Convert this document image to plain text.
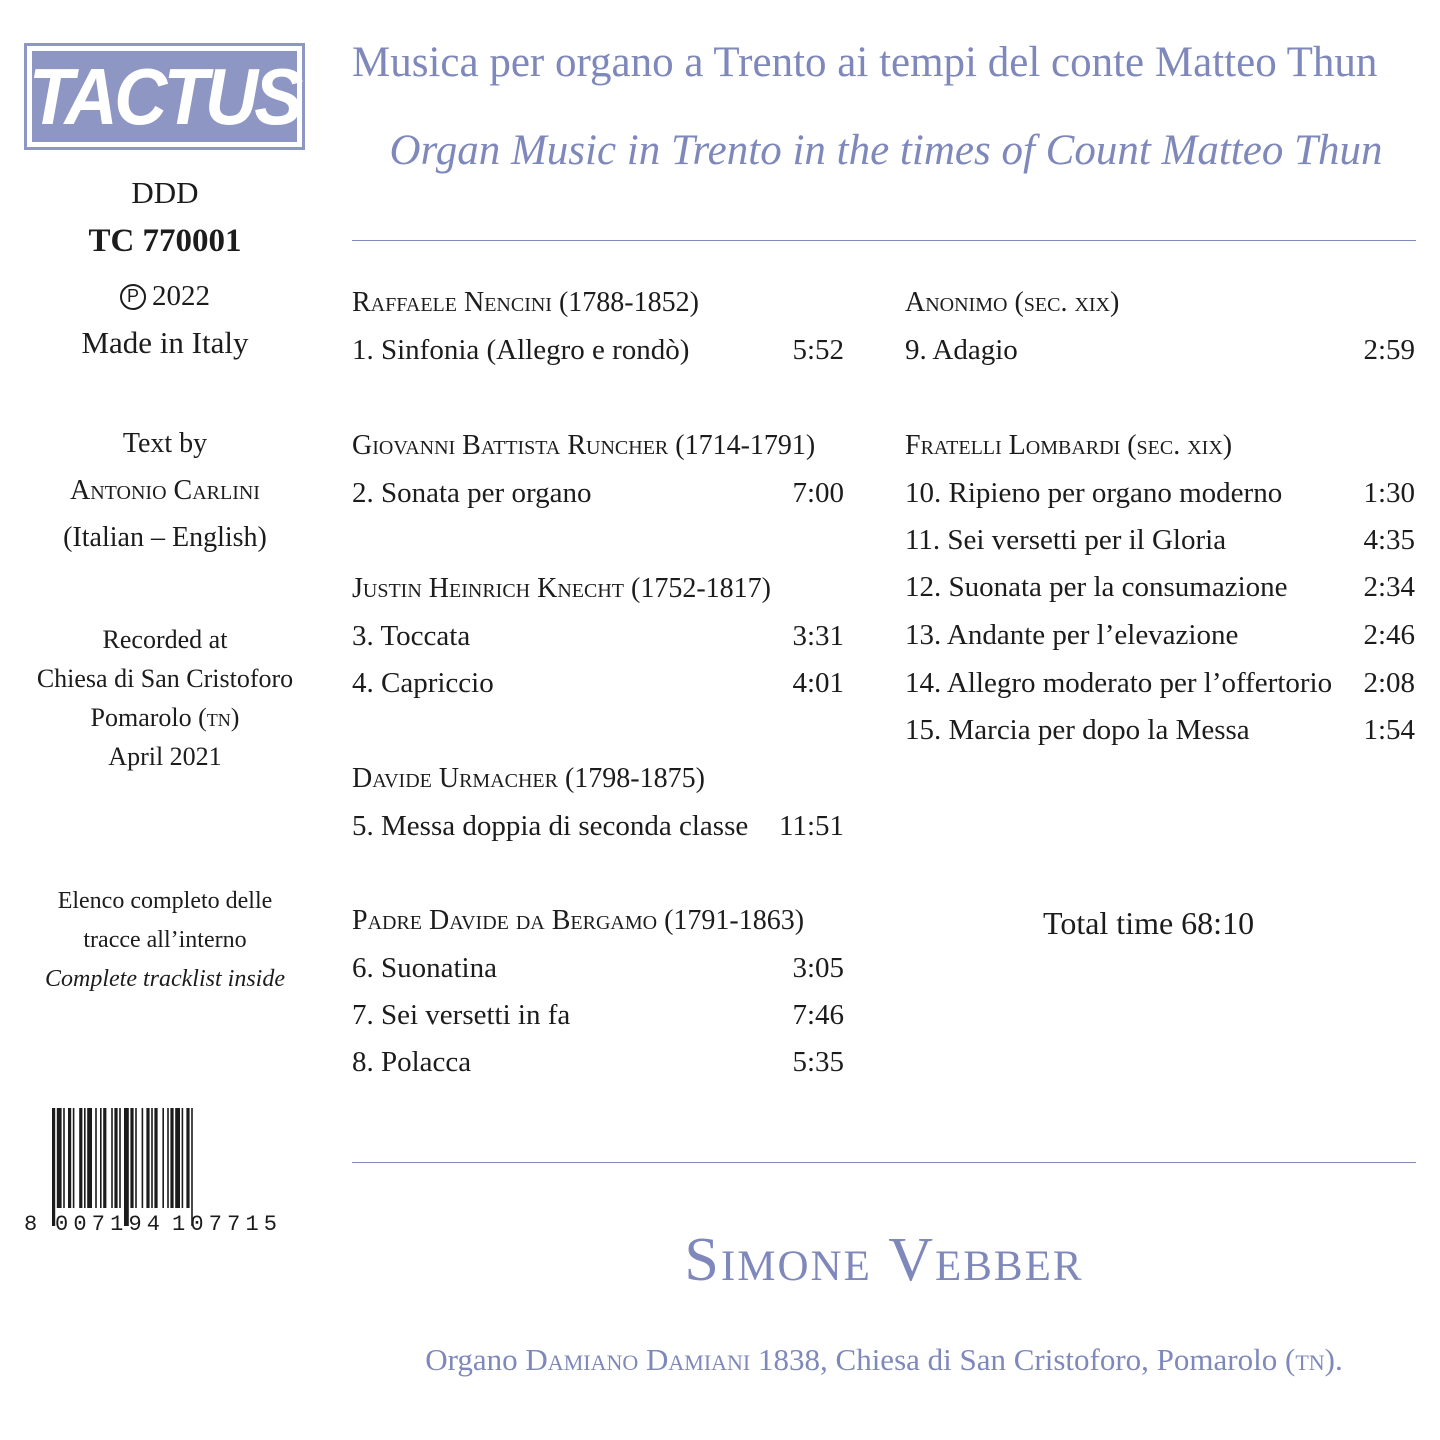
TACTUS
DDD
TC 770001
P 2022
Made in Italy
Text by
Antonio Carlini
(Italian – English)
Recorded at
Chiesa di San Cristoforo
Pomarolo (tn)
April 2021
Elenco completo delle
tracce all’interno
Complete tracklist inside
8 007194 107715
Musica per organo a Trento ai tempi del conte Matteo Thun
Organ Music in Trento in the times of Count Matteo Thun
Raffaele Nencini (1788-1852)
1. Sinfonia (Allegro e rondò)	5:52
Giovanni Battista Runcher (1714-1791)
2. Sonata per organo	7:00
Justin Heinrich Knecht (1752-1817)
3. Toccata	3:31
4. Capriccio	4:01
Davide Urmacher (1798-1875)
5. Messa doppia di seconda classe 11:51
Padre Davide da Bergamo (1791-1863)
6. Suonatina	3:05
7. Sei versetti in fa	7:46
8. Polacca	5:35
Anonimo (sec. xix)
9. Adagio	2:59
Fratelli Lombardi (sec. xix)
10. Ripieno per organo moderno	1:30
11. Sei versetti per il Gloria	4:35
12. Suonata per la consumazione	2:34
13. Andante per l’elevazione	2:46
14. Allegro moderato per l’offertorio 2:08
15. Marcia per dopo la Messa	1:54
Total time 68:10
Simone Vebber
Organo Damiano Damiani 1838, Chiesa di San Cristoforo, Pomarolo (tn).
